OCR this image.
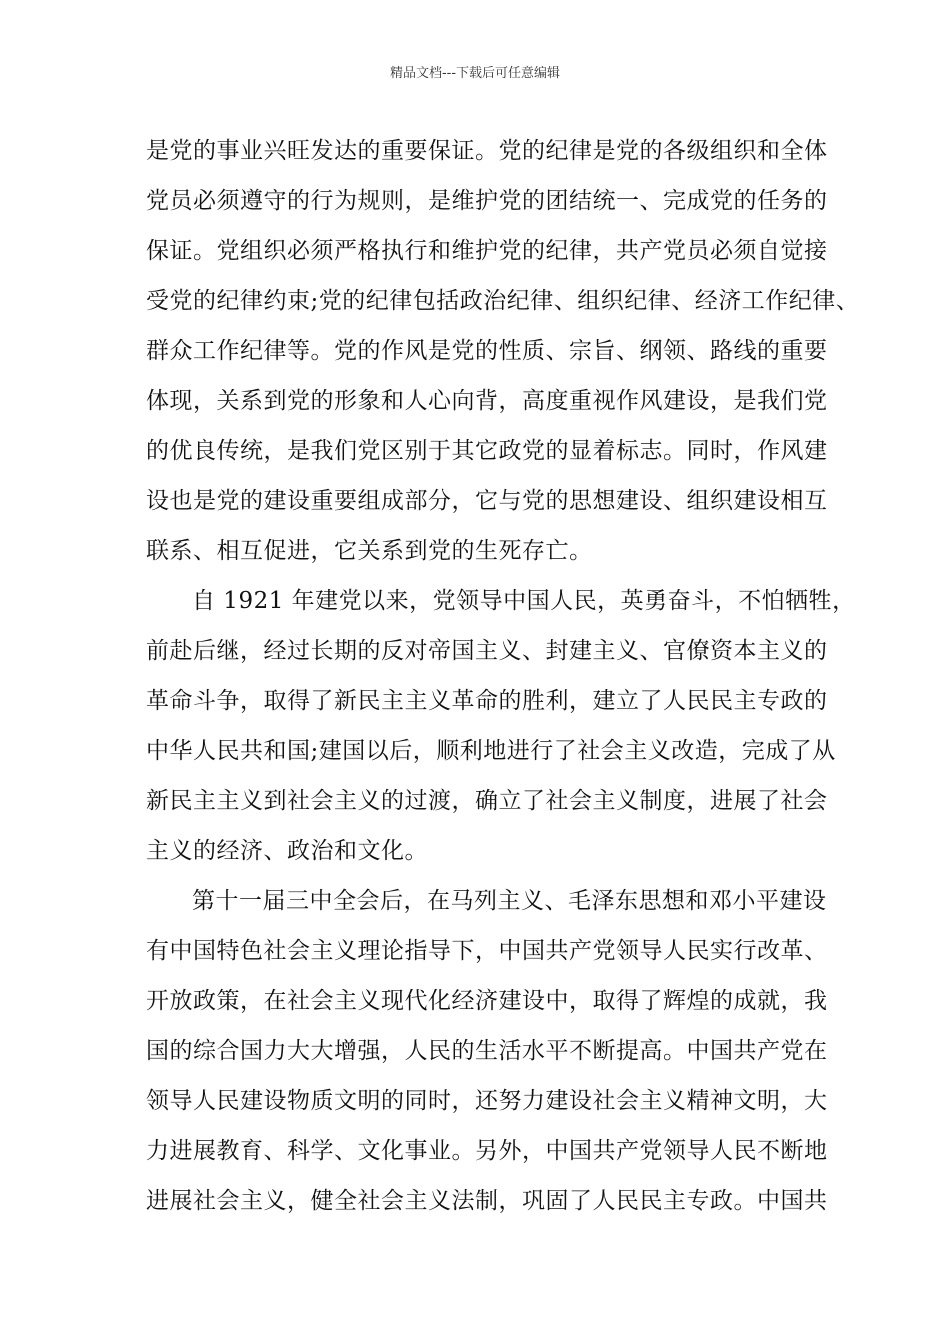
精品文档---下载后可任意编辑
是党的事业兴旺发达的重要保证。党的纪律是党的各级组织和全体
党员必须遵守的行为规则，是维护党的团结统一、完成党的任务的
保证。党组织必须严格执行和维护党的纪律，共产党员必须自觉接
受党的纪律约束;党的纪律包括政治纪律、组织纪律、经济工作纪律、
群众工作纪律等。党的作风是党的性质、宗旨、纲领、路线的重要
体现，关系到党的形象和人心向背，高度重视作风建设，是我们党
的优良传统，是我们党区别于其它政党的显着标志。同时，作风建
设也是党的建设重要组成部分，它与党的思想建设、组织建设相互
联系、相互促进，它关系到党的生死存亡。
自 1921 年建党以来，党领导中国人民，英勇奋斗，不怕牺牲，
前赴后继，经过长期的反对帝国主义、封建主义、官僚资本主义的
革命斗争，取得了新民主主义革命的胜利，建立了人民民主专政的
中华人民共和国;建国以后，顺利地进行了社会主义改造，完成了从
新民主主义到社会主义的过渡，确立了社会主义制度，进展了社会
主义的经济、政治和文化。
第十一届三中全会后，在马列主义、毛泽东思想和邓小平建设
有中国特色社会主义理论指导下，中国共产党领导人民实行改革、
开放政策，在社会主义现代化经济建设中，取得了辉煌的成就，我
国的综合国力大大增强，人民的生活水平不断提高。中国共产党在
领导人民建设物质文明的同时，还努力建设社会主义精神文明，大
力进展教育、科学、文化事业。另外，中国共产党领导人民不断地
进展社会主义，健全社会主义法制，巩固了人民民主专政。中国共
